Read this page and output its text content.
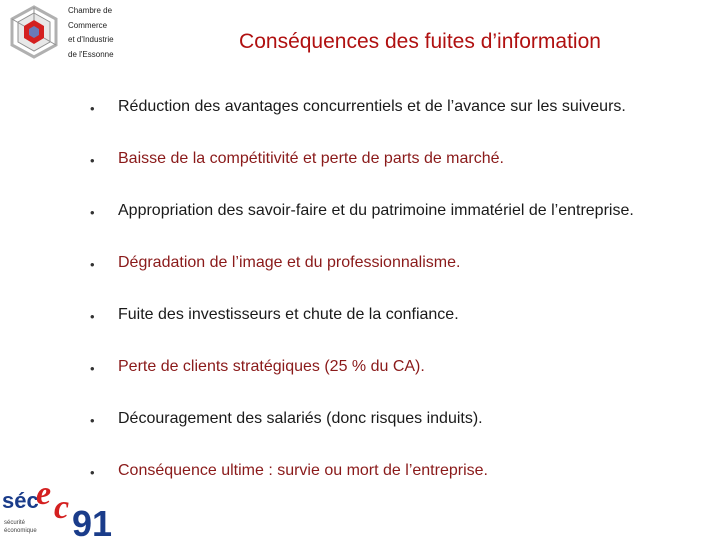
Chambre de
Commerce
et d'Industrie
de l'Essonne
Conséquences des fuites d’information
• Réduction des avantages concurrentiels et de l’avance sur les suiveurs.
• Baisse de la compétitivité et perte de parts de marché.
• Appropriation des savoir-faire et du patrimoine immatériel de l’entreprise.
• Dégradation de l’image et du professionnalisme.
• Fuite des investisseurs et chute de la confiance.
• Perte de clients stratégiques (25 % du CA).
• Découragement des salariés (donc risques induits).
• Conséquence ultime : survie ou mort de l’entreprise.
séc
e c 91
sécurité
économique
